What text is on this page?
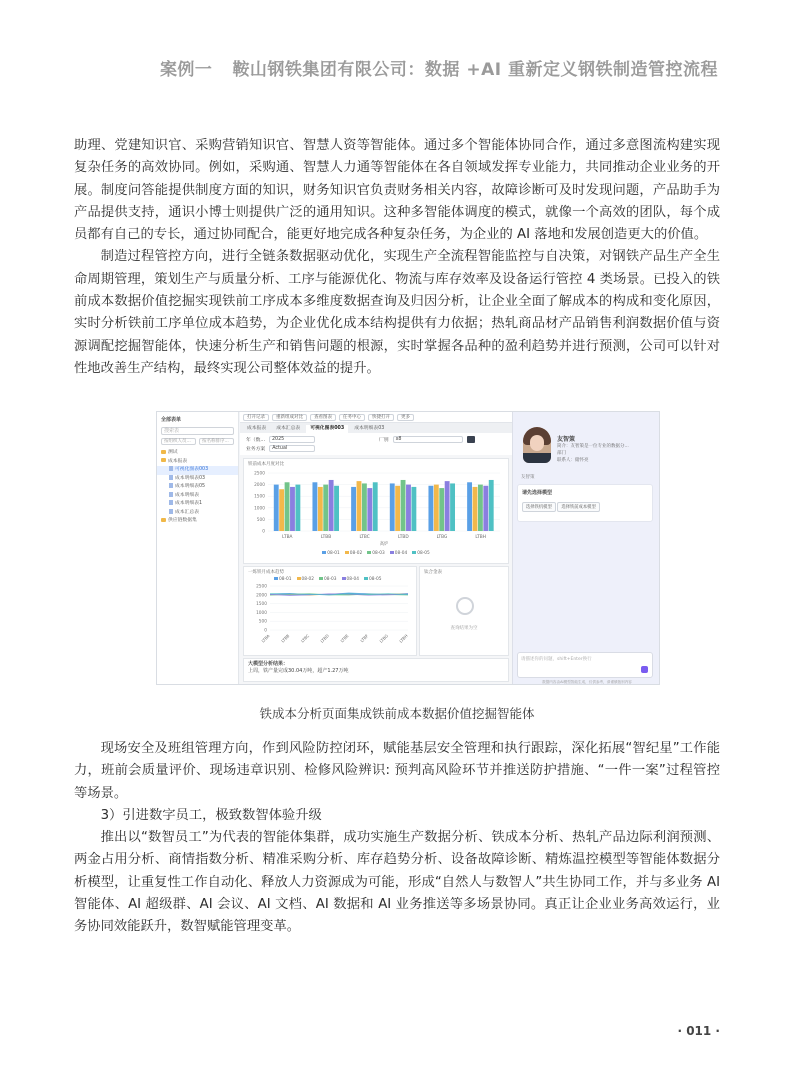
案例一 鞍山钢铁集团有限公司：数据 +AI 重新定义钢铁制造管控流程

助理、党建知识官、采购营销知识官、智慧人资等智能体。通过多个智能体协同合作，通过多意图流构建实现复杂任务的高效协同。例如，采购通、智慧人力通等智能体在各自领域发挥专业能力，共同推动企业业务的开展。制度问答能提供制度方面的知识，财务知识官负责财务相关内容，故障诊断可及时发现问题，产品助手为产品提供支持，通识小博士则提供广泛的通用知识。这种多智能体调度的模式，就像一个高效的团队，每个成员都有自己的专长，通过协同配合，能更好地完成各种复杂任务，为企业的 AI 落地和发展创造更大的价值。

制造过程管控方向，进行全链条数据驱动优化，实现生产全流程智能监控与自决策，对钢铁产品生产全生命周期管理，策划生产与质量分析、工序与能源优化、物流与库存效率及设备运行管控 4 类场景。已投入的铁前成本数据价值挖掘实现铁前工序成本多维度数据查询及归因分析，让企业全面了解成本的构成和变化原因，实时分析铁前工序单位成本趋势，为企业优化成本结构提供有力依据；热轧商品材产品销售利润数据价值与资源调配挖掘智能体，快速分析生产和销售问题的根源，实时掌握各品种的盈利趋势并进行预测，公司可以针对性地改善生产结构，最终实现公司整体效益的提升。

全部表单
搜索表
按组织人员...	按名称排序...
测试
成本报表
可视化图表003
成本明细表03
成本明细表05
成本明细表
成本明细表1
成本汇总表
供应链数据集
打开记录	重新组成对比	查看图表	任务中心	快捷打开	更多
成本报表	成本汇总表	可视化图表003	成本明细表03
年（数...	2025	厂别	x8
业务方案	Actual
铁前成本月度对比
2500
2000
1500
1000
500
0
LTBA	LTBB	LTBC	LTBD	LTBG	LTBH
高炉
08-01	08-02	08-03	08-04	08-05
一炼铁月成本趋势
08-01	08-02	08-03	08-04	08-05
2500
2000
1500
1000
500
0
LTBA LTBB LTBC LTBD LTBE LTBF LTBG LTBH
钛合金表
查询结果为空
大模型分析结果：
上周，铁产量完成30.04万吨，超产1.27万吨
友智策
简介：友智策是一位专业的数据分...
部门
联系人：储怀亮
友智策
请先选择模型
选择铁机模型 选择铁前成本模型
请描述你的问题，shift+Enter换行
数据内容由AI模型智能生成，仅供参考，请谨慎甄别内容
铁成本分析页面集成铁前成本数据价值挖掘智能体

现场安全及班组管理方向，作到风险防控闭环，赋能基层安全管理和执行跟踪，深化拓展“智纪星”工作能力，班前会质量评价、现场违章识别、检修风险辨识: 预判高风险环节并推送防护措施、“一件一案”过程管控等场景。

3）引进数字员工，极致数智体验升级

推出以“数智员工”为代表的智能体集群，成功实施生产数据分析、铁成本分析、热轧产品边际利润预测、两金占用分析、商情指数分析、精准采购分析、库存趋势分析、设备故障诊断、精炼温控模型等智能体数据分析模型，让重复性工作自动化、释放人力资源成为可能，形成“自然人与数智人”共生协同工作，并与多业务 AI 智能体、AI 超级群、AI 会议、AI 文档、AI 数据和 AI 业务推送等多场景协同。真正让企业业务高效运行，业务协同效能跃升，数智赋能管理变革。

· 011 ·
